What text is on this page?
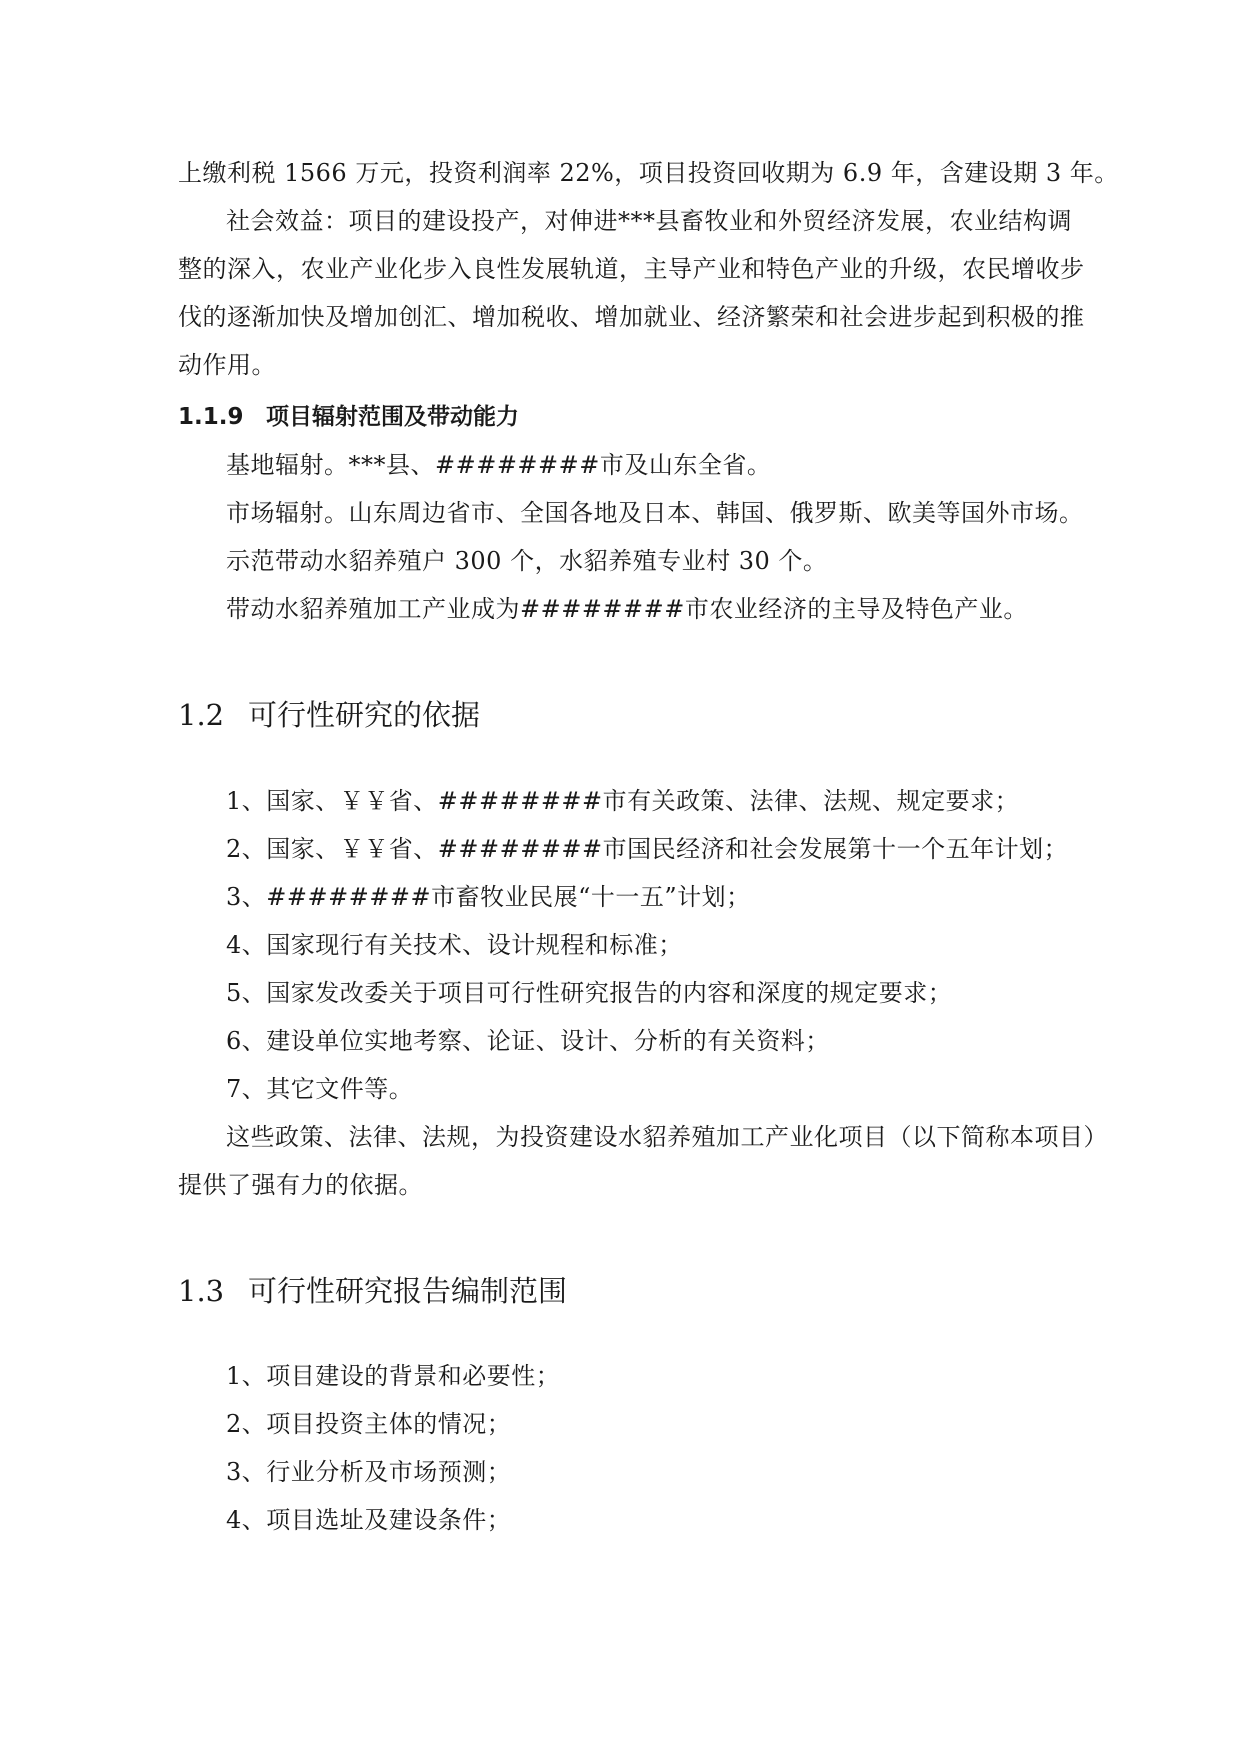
上缴利税 1566 万元，投资利润率 22%，项目投资回收期为 6.9 年，含建设期 3 年。
社会效益：项目的建设投产，对伸进***县畜牧业和外贸经济发展，农业结构调
整的深入，农业产业化步入良性发展轨道，主导产业和特色产业的升级，农民增收步
伐的逐渐加快及增加创汇、增加税收、增加就业、经济繁荣和社会进步起到积极的推
动作用。
1.1.9 项目辐射范围及带动能力
基地辐射。***县、########市及山东全省。
市场辐射。山东周边省市、全国各地及日本、韩国、俄罗斯、欧美等国外市场。
示范带动水貂养殖户 300 个，水貂养殖专业村 30 个。
带动水貂养殖加工产业成为########市农业经济的主导及特色产业。
1.2 可行性研究的依据
1、国家、￥￥省、########市有关政策、法律、法规、规定要求；
2、国家、￥￥省、########市国民经济和社会发展第十一个五年计划；
3、########市畜牧业民展“十一五”计划；
4、国家现行有关技术、设计规程和标准；
5、国家发改委关于项目可行性研究报告的内容和深度的规定要求；
6、建设单位实地考察、论证、设计、分析的有关资料；
7、其它文件等。
这些政策、法律、法规，为投资建设水貂养殖加工产业化项目（以下简称本项目）
提供了强有力的依据。
1.3 可行性研究报告编制范围
1、项目建设的背景和必要性；
2、项目投资主体的情况；
3、行业分析及市场预测；
4、项目选址及建设条件；
